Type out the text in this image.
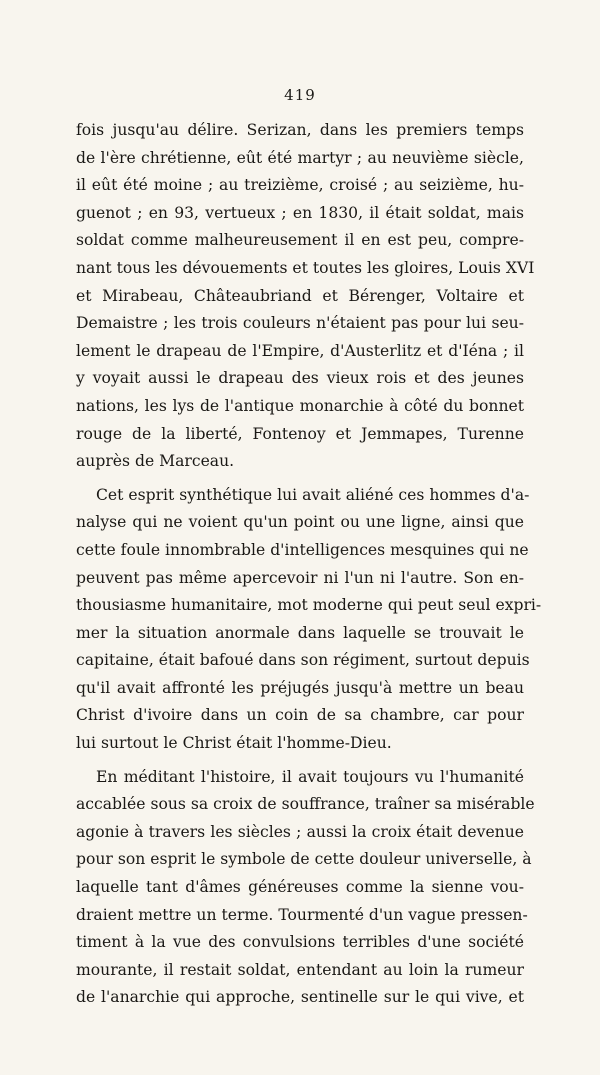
419
fois jusqu'au délire. Serizan, dans les premiers temps
de l'ère chrétienne, eût été martyr ; au neuvième siècle,
il eût été moine ; au treizième, croisé ; au seizième, hu-
guenot ; en 93, vertueux ; en 1830, il était soldat, mais
soldat comme malheureusement il en est peu, compre-
nant tous les dévouements et toutes les gloires, Louis XVI
et Mirabeau, Châteaubriand et Bérenger, Voltaire et
Demaistre ; les trois couleurs n'étaient pas pour lui seu-
lement le drapeau de l'Empire, d'Austerlitz et d'Iéna ; il
y voyait aussi le drapeau des vieux rois et des jeunes
nations, les lys de l'antique monarchie à côté du bonnet
rouge de la liberté, Fontenoy et Jemmapes, Turenne
auprès de Marceau.
Cet esprit synthétique lui avait aliéné ces hommes d'a-
nalyse qui ne voient qu'un point ou une ligne, ainsi que
cette foule innombrable d'intelligences mesquines qui ne
peuvent pas même apercevoir ni l'un ni l'autre. Son en-
thousiasme humanitaire, mot moderne qui peut seul expri-
mer la situation anormale dans laquelle se trouvait le
capitaine, était bafoué dans son régiment, surtout depuis
qu'il avait affronté les préjugés jusqu'à mettre un beau
Christ d'ivoire dans un coin de sa chambre, car pour
lui surtout le Christ était l'homme-Dieu.
En méditant l'histoire, il avait toujours vu l'humanité
accablée sous sa croix de souffrance, traîner sa misérable
agonie à travers les siècles ; aussi la croix était devenue
pour son esprit le symbole de cette douleur universelle, à
laquelle tant d'âmes généreuses comme la sienne vou-
draient mettre un terme. Tourmenté d'un vague pressen-
timent à la vue des convulsions terribles d'une société
mourante, il restait soldat, entendant au loin la rumeur
de l'anarchie qui approche, sentinelle sur le qui vive, et
